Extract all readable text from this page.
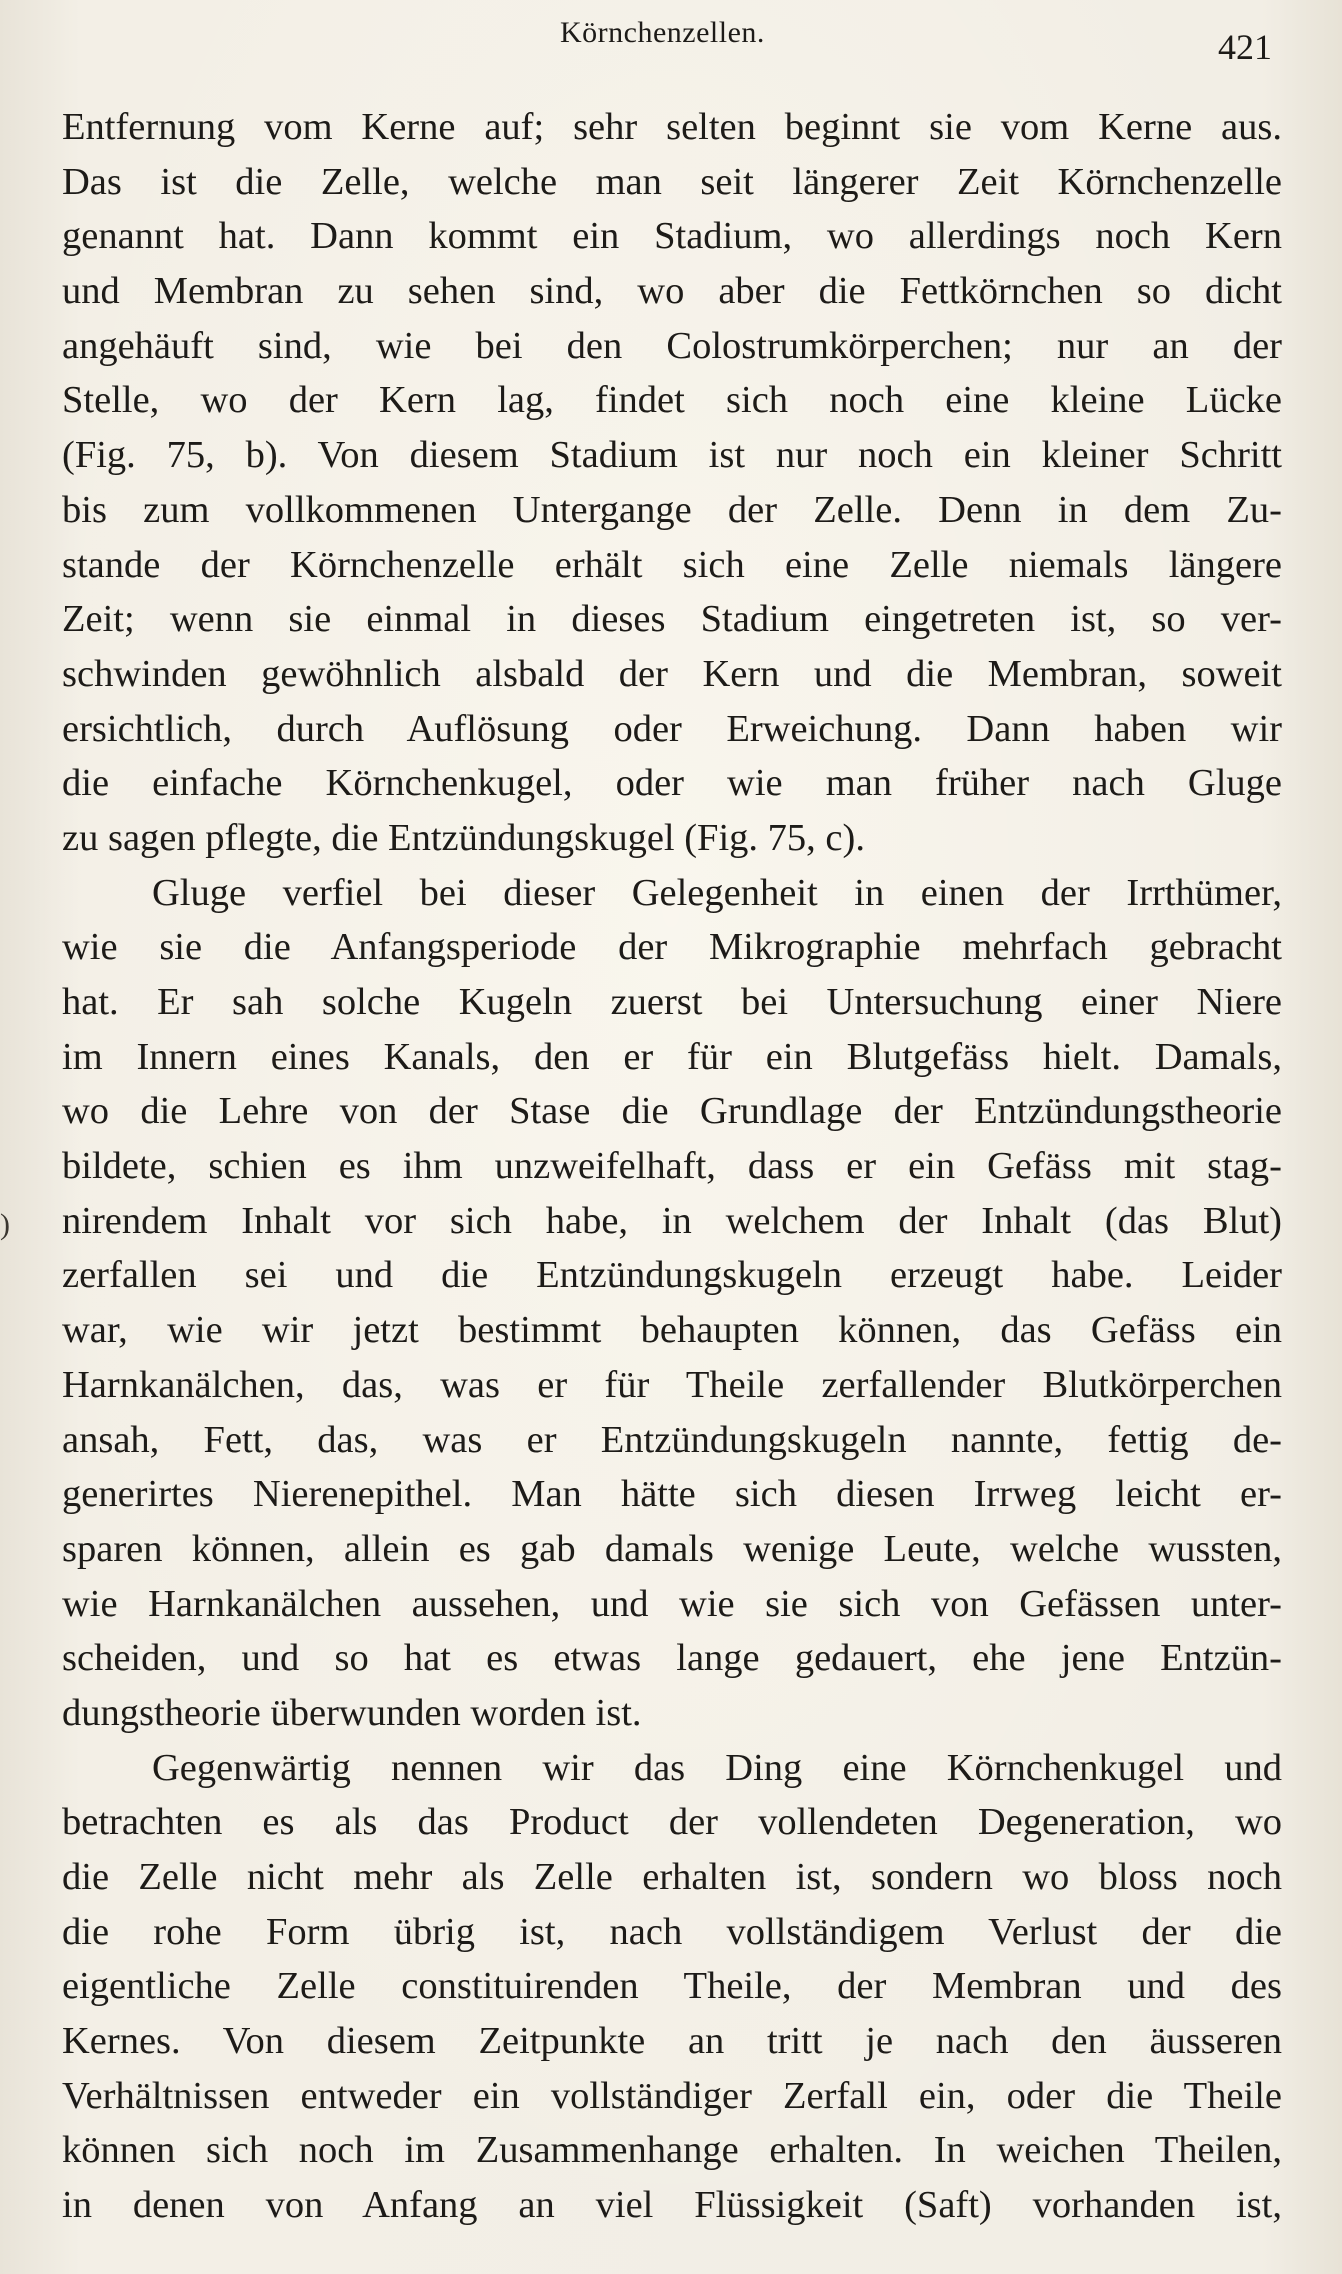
Körnchenzellen.	421
)
Entfernung vom Kerne auf; sehr selten beginnt sie vom Kerne aus.
Das ist die Zelle, welche man seit längerer Zeit Körnchenzelle
genannt hat. Dann kommt ein Stadium, wo allerdings noch Kern
und Membran zu sehen sind, wo aber die Fettkörnchen so dicht
angehäuft sind, wie bei den Colostrumkörperchen; nur an der
Stelle, wo der Kern lag, findet sich noch eine kleine Lücke
(Fig. 75, b). Von diesem Stadium ist nur noch ein kleiner Schritt
bis zum vollkommenen Untergange der Zelle. Denn in dem Zu-
stande der Körnchenzelle erhält sich eine Zelle niemals längere
Zeit; wenn sie einmal in dieses Stadium eingetreten ist, so ver-
schwinden gewöhnlich alsbald der Kern und die Membran, soweit
ersichtlich, durch Auflösung oder Erweichung. Dann haben wir
die einfache Körnchenkugel, oder wie man früher nach Gluge
zu sagen pflegte, die Entzündungskugel (Fig. 75, c).
Gluge verfiel bei dieser Gelegenheit in einen der Irrthümer,
wie sie die Anfangsperiode der Mikrographie mehrfach gebracht
hat. Er sah solche Kugeln zuerst bei Untersuchung einer Niere
im Innern eines Kanals, den er für ein Blutgefäss hielt. Damals,
wo die Lehre von der Stase die Grundlage der Entzündungstheorie
bildete, schien es ihm unzweifelhaft, dass er ein Gefäss mit stag-
nirendem Inhalt vor sich habe, in welchem der Inhalt (das Blut)
zerfallen sei und die Entzündungskugeln erzeugt habe. Leider
war, wie wir jetzt bestimmt behaupten können, das Gefäss ein
Harnkanälchen, das, was er für Theile zerfallender Blutkörperchen
ansah, Fett, das, was er Entzündungskugeln nannte, fettig de-
generirtes Nierenepithel. Man hätte sich diesen Irrweg leicht er-
sparen können, allein es gab damals wenige Leute, welche wussten,
wie Harnkanälchen aussehen, und wie sie sich von Gefässen unter-
scheiden, und so hat es etwas lange gedauert, ehe jene Entzün-
dungstheorie überwunden worden ist.
Gegenwärtig nennen wir das Ding eine Körnchenkugel und
betrachten es als das Product der vollendeten Degeneration, wo
die Zelle nicht mehr als Zelle erhalten ist, sondern wo bloss noch
die rohe Form übrig ist, nach vollständigem Verlust der die
eigentliche Zelle constituirenden Theile, der Membran und des
Kernes. Von diesem Zeitpunkte an tritt je nach den äusseren
Verhältnissen entweder ein vollständiger Zerfall ein, oder die Theile
können sich noch im Zusammenhange erhalten. In weichen Theilen,
in denen von Anfang an viel Flüssigkeit (Saft) vorhanden ist,
